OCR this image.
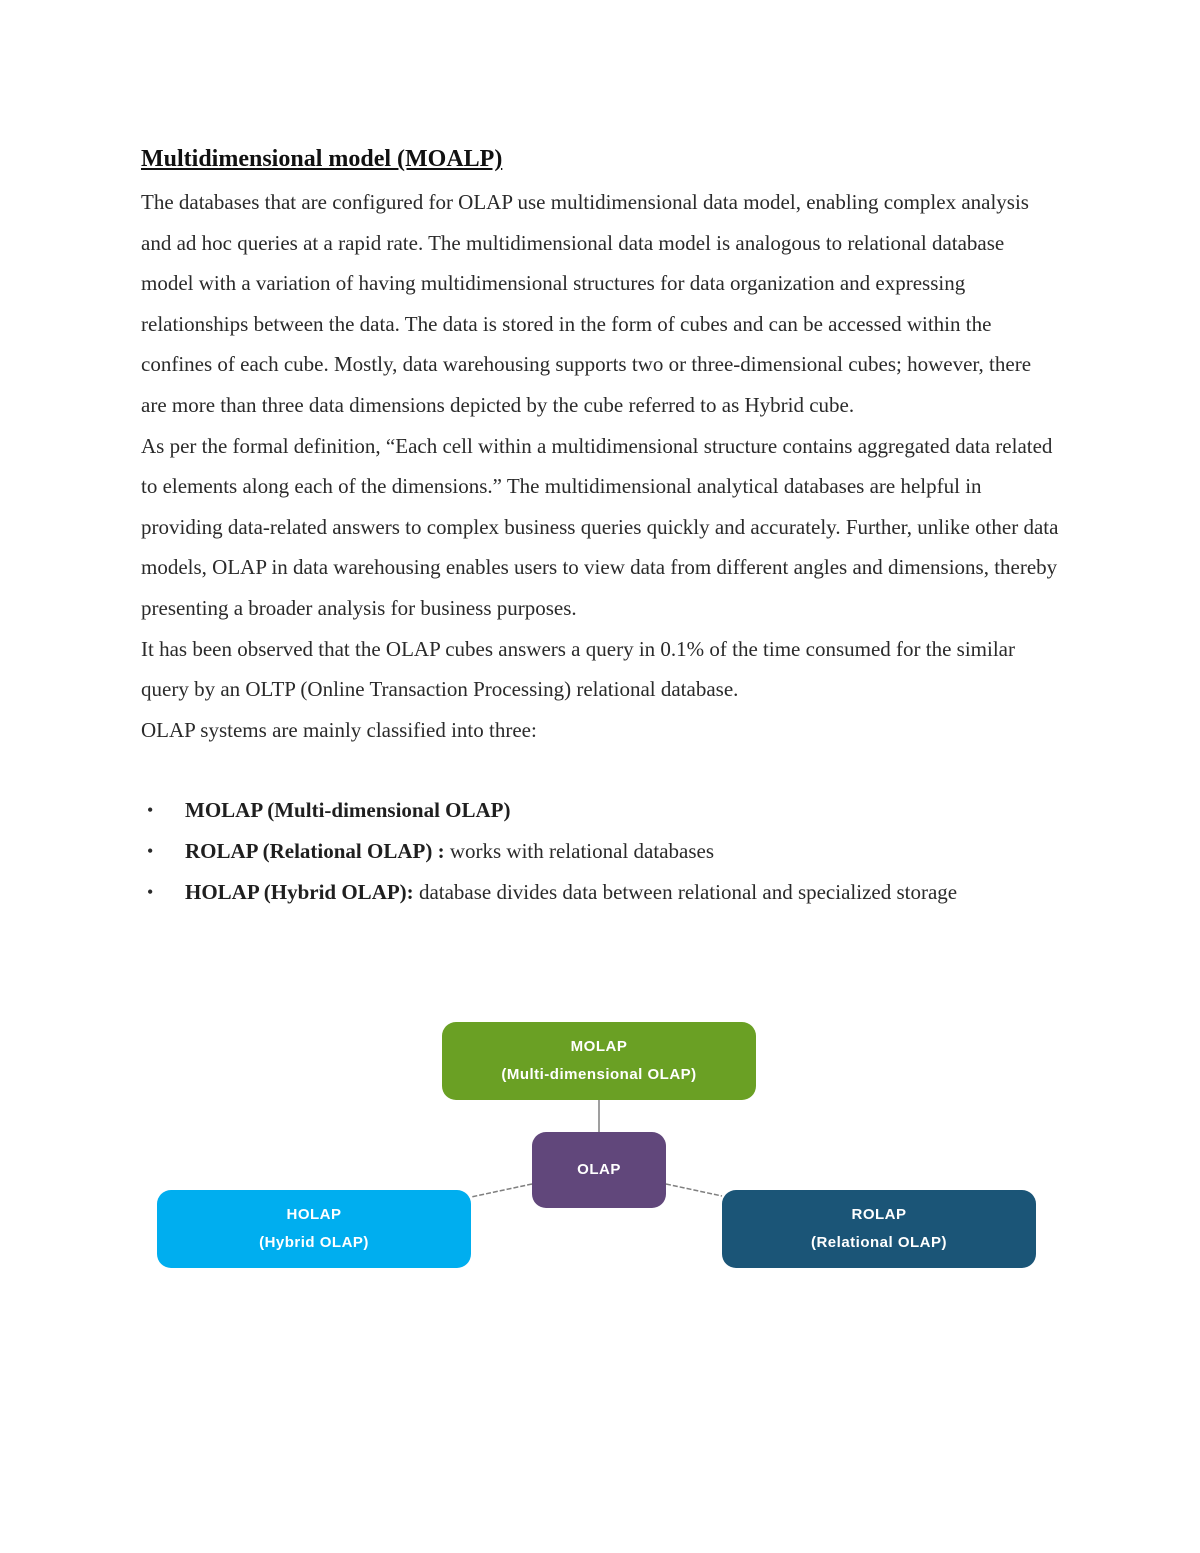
Multidimensional model (MOALP)

The databases that are configured for OLAP use multidimensional data model, enabling complex analysis and ad hoc queries at a rapid rate. The multidimensional data model is analogous to relational database model with a variation of having multidimensional structures for data organization and expressing relationships between the data. The data is stored in the form of cubes and can be accessed within the confines of each cube. Mostly, data warehousing supports two or three-dimensional cubes; however, there are more than three data dimensions depicted by the cube referred to as Hybrid cube.

As per the formal definition, “Each cell within a multidimensional structure contains aggregated data related to elements along each of the dimensions.” The multidimensional analytical databases are helpful in providing data-related answers to complex business queries quickly and accurately. Further, unlike other data models, OLAP in data warehousing enables users to view data from different angles and dimensions, thereby presenting a broader analysis for business purposes.

It has been observed that the OLAP cubes answers a query in 0.1% of the time consumed for the similar query by an OLTP (Online Transaction Processing) relational database.

OLAP systems are mainly classified into three:

• MOLAP (Multi-dimensional OLAP)
• ROLAP (Relational OLAP) : works with relational databases
• HOLAP (Hybrid OLAP): database divides data between relational and specialized storage
MOLAP
(Multi-dimensional OLAP)
OLAP
HOLAP
(Hybrid OLAP)
ROLAP
(Relational OLAP)
